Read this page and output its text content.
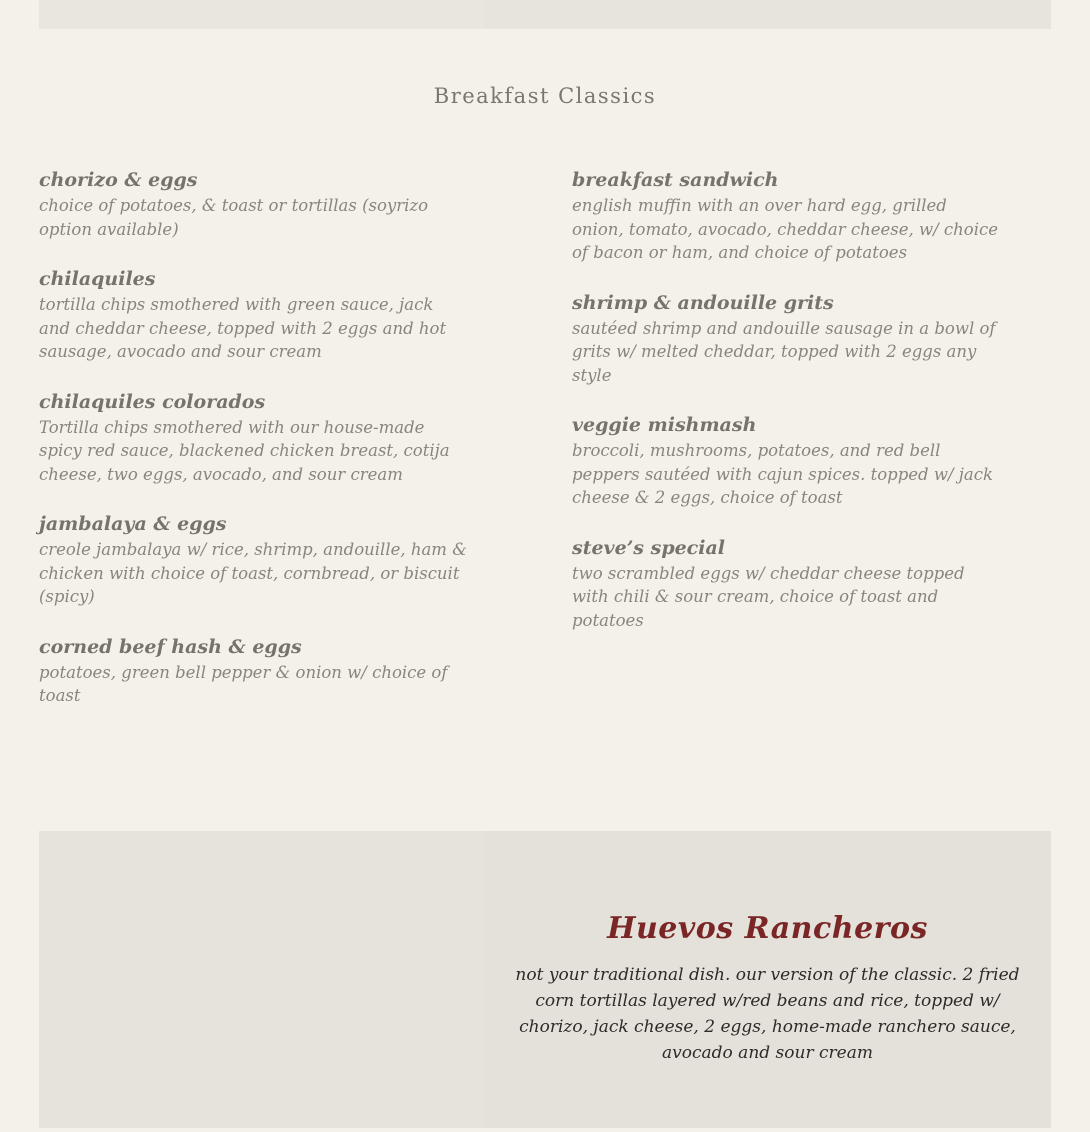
Breakfast Classics
chorizo & eggs
choice of potatoes, & toast or tortillas (soyrizo option available)
chilaquiles
tortilla chips smothered with green sauce, jack and cheddar cheese, topped with 2 eggs and hot sausage, avocado and sour cream
chilaquiles colorados
Tortilla chips smothered with our house-made spicy red sauce, blackened chicken breast, cotija cheese, two eggs, avocado, and sour cream
jambalaya & eggs
creole jambalaya w/ rice, shrimp, andouille, ham & chicken with choice of toast, cornbread, or biscuit (spicy)
corned beef hash & eggs
potatoes, green bell pepper & onion w/ choice of toast
breakfast sandwich
english muffin with an over hard egg, grilled onion, tomato, avocado, cheddar cheese, w/ choice of bacon or ham, and choice of potatoes
shrimp & andouille grits
sautéed shrimp and andouille sausage in a bowl of grits w/ melted cheddar, topped with 2 eggs any style
veggie mishmash
broccoli, mushrooms, potatoes, and red bell peppers sautéed with cajun spices. topped w/ jack cheese & 2 eggs, choice of toast
steve’s special
two scrambled eggs w/ cheddar cheese topped with chili & sour cream, choice of toast and potatoes
Huevos Rancheros
not your traditional dish. our version of the classic. 2 fried corn tortillas layered w/red beans and rice, topped w/ chorizo, jack cheese, 2 eggs, home-made ranchero sauce, avocado and sour cream
